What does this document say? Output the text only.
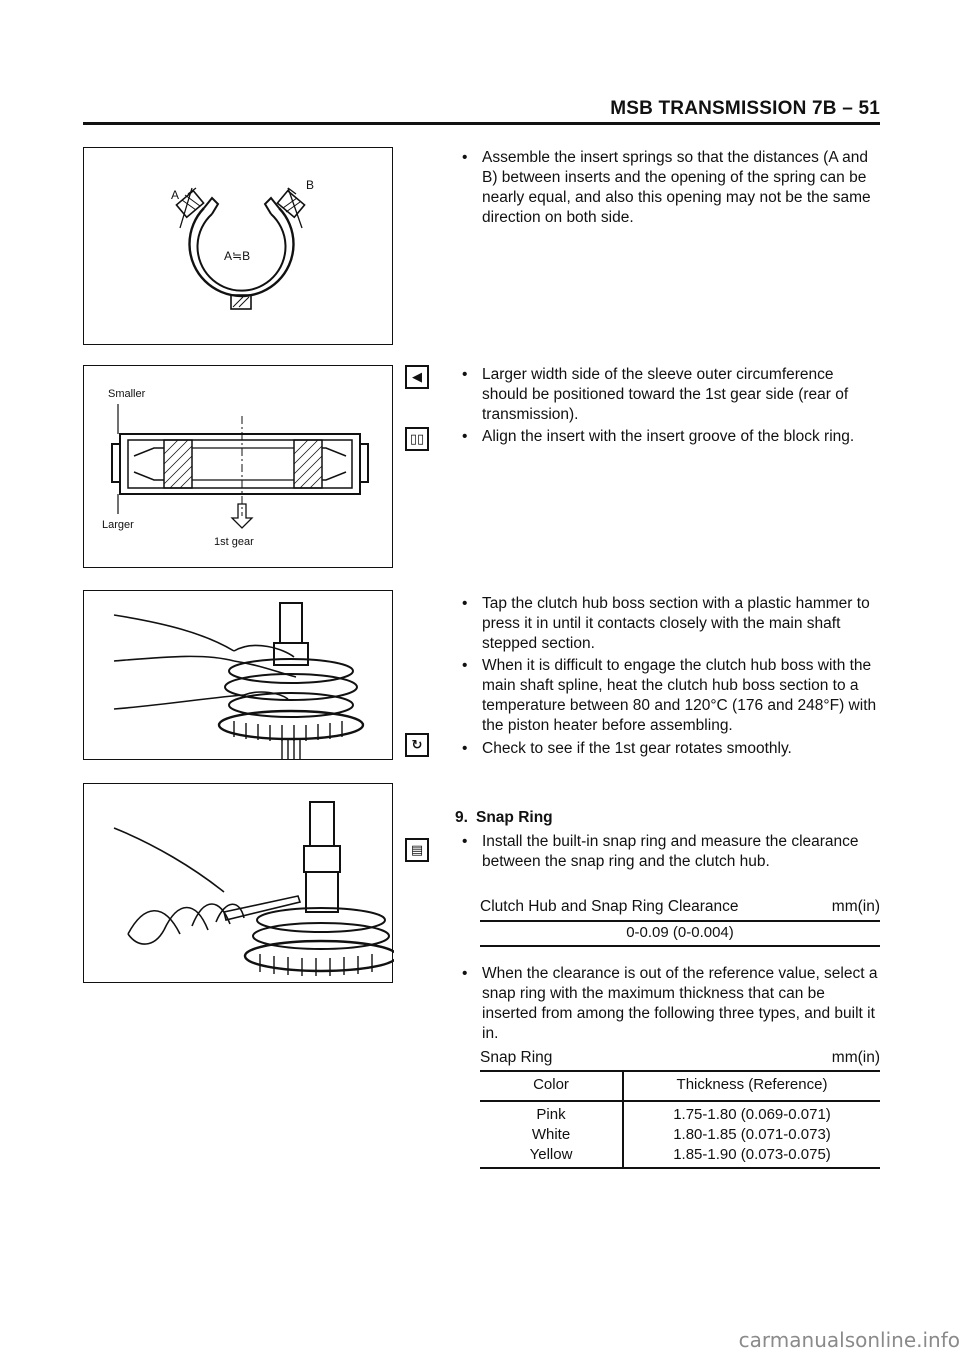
MSB TRANSMISSION 7B – 51
A
B
A≒B
Smaller
Larger
1st gear
• Assemble the insert springs so that the distances (A and B) between inserts and the opening of the spring can be nearly equal, and also this opening may not be the same direction on both side.
◀
▯▯
• Larger width side of the sleeve outer circumference should be positioned toward the 1st gear side (rear of transmission).
• Align the insert with the insert groove of the block ring.
• Tap the clutch hub boss section with a plastic hammer to press it in until it contacts closely with the main shaft stepped section.
• When it is difficult to engage the clutch hub boss with the main shaft spline, heat the clutch hub boss section to a temperature between 80 and 120°C (176 and 248°F) with the piston heater before assembling.
↻	• Check to see if the 1st gear rotates smoothly.
9. Snap Ring
▤	• Install the built-in snap ring and measure the clearance between the snap ring and the clutch hub.
Clutch Hub and Snap Ring Clearance	mm(in)
0-0.09 (0-0.004)
• When the clearance is out of the reference value, select a snap ring with the maximum thickness that can be inserted from among the following three types, and built it in.
Snap Ring	mm(in)
Color	Thickness (Reference)
Pink	1.75-1.80 (0.069-0.071)
White	1.80-1.85 (0.071-0.073)
Yellow	1.85-1.90 (0.073-0.075)
carmanualsonline.info
